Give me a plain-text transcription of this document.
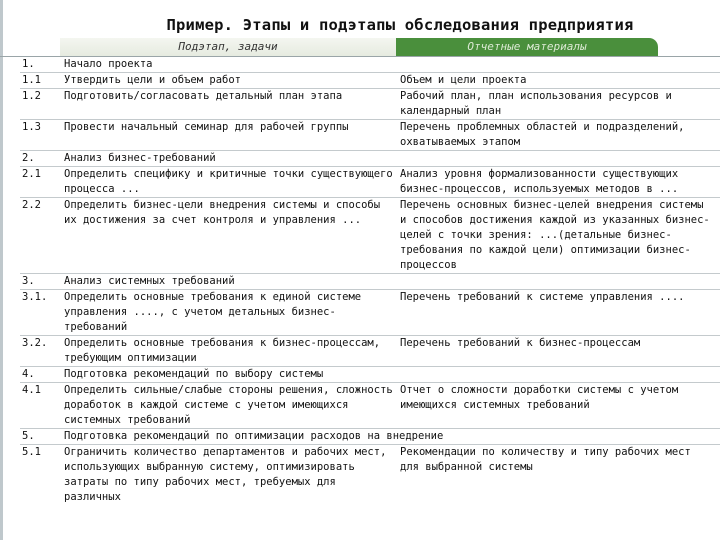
Пример. Этапы и подэтапы обследования предприятия
Подэтап, задачи	Отчетные материалы
1.	Начало проекта	
1.1	Утвердить цели и объем работ	Объем и цели проекта
1.2	Подготовить/согласовать детальный план этапа	Рабочий план, план использования ресурсов и календарный план
1.3	Провести начальный семинар для рабочей группы	Перечень проблемных областей и подразделений, охватываемых этапом
2.	Анализ бизнес-требований	
2.1	Определить специфику и критичные точки существующего процесса ...	Анализ уровня формализованности существующих бизнес-процессов, используемых методов в ...
2.2	Определить бизнес-цели внедрения системы и способы их достижения за счет контроля и управления ...	Перечень основных бизнес-целей внедрения системы и способов достижения каждой из указанных бизнес-целей с точки зрения: ...(детальные бизнес-требования по каждой цели) оптимизации бизнес-процессов
3.	Анализ системных требований	
3.1.	Определить основные требования к единой системе управления ...., с учетом детальных бизнес-требований	Перечень требований к системе управления ....
3.2.	Определить основные требования к бизнес-процессам, требующим оптимизации	Перечень требований к бизнес-процессам
4.	Подготовка рекомендаций по выбору системы	
4.1	Определить сильные/слабые стороны решения, сложность доработок в каждой системе с учетом имеющихся системных требований	Отчет о сложности доработки системы с учетом имеющихся системных требований
5.	Подготовка рекомендаций по оптимизации расходов на внедрение	
5.1	Ограничить количество департаментов и рабочих мест, использующих выбранную систему, оптимизировать затраты по типу рабочих мест, требуемых для различных	Рекомендации по количеству и типу рабочих мест для выбранной системы
